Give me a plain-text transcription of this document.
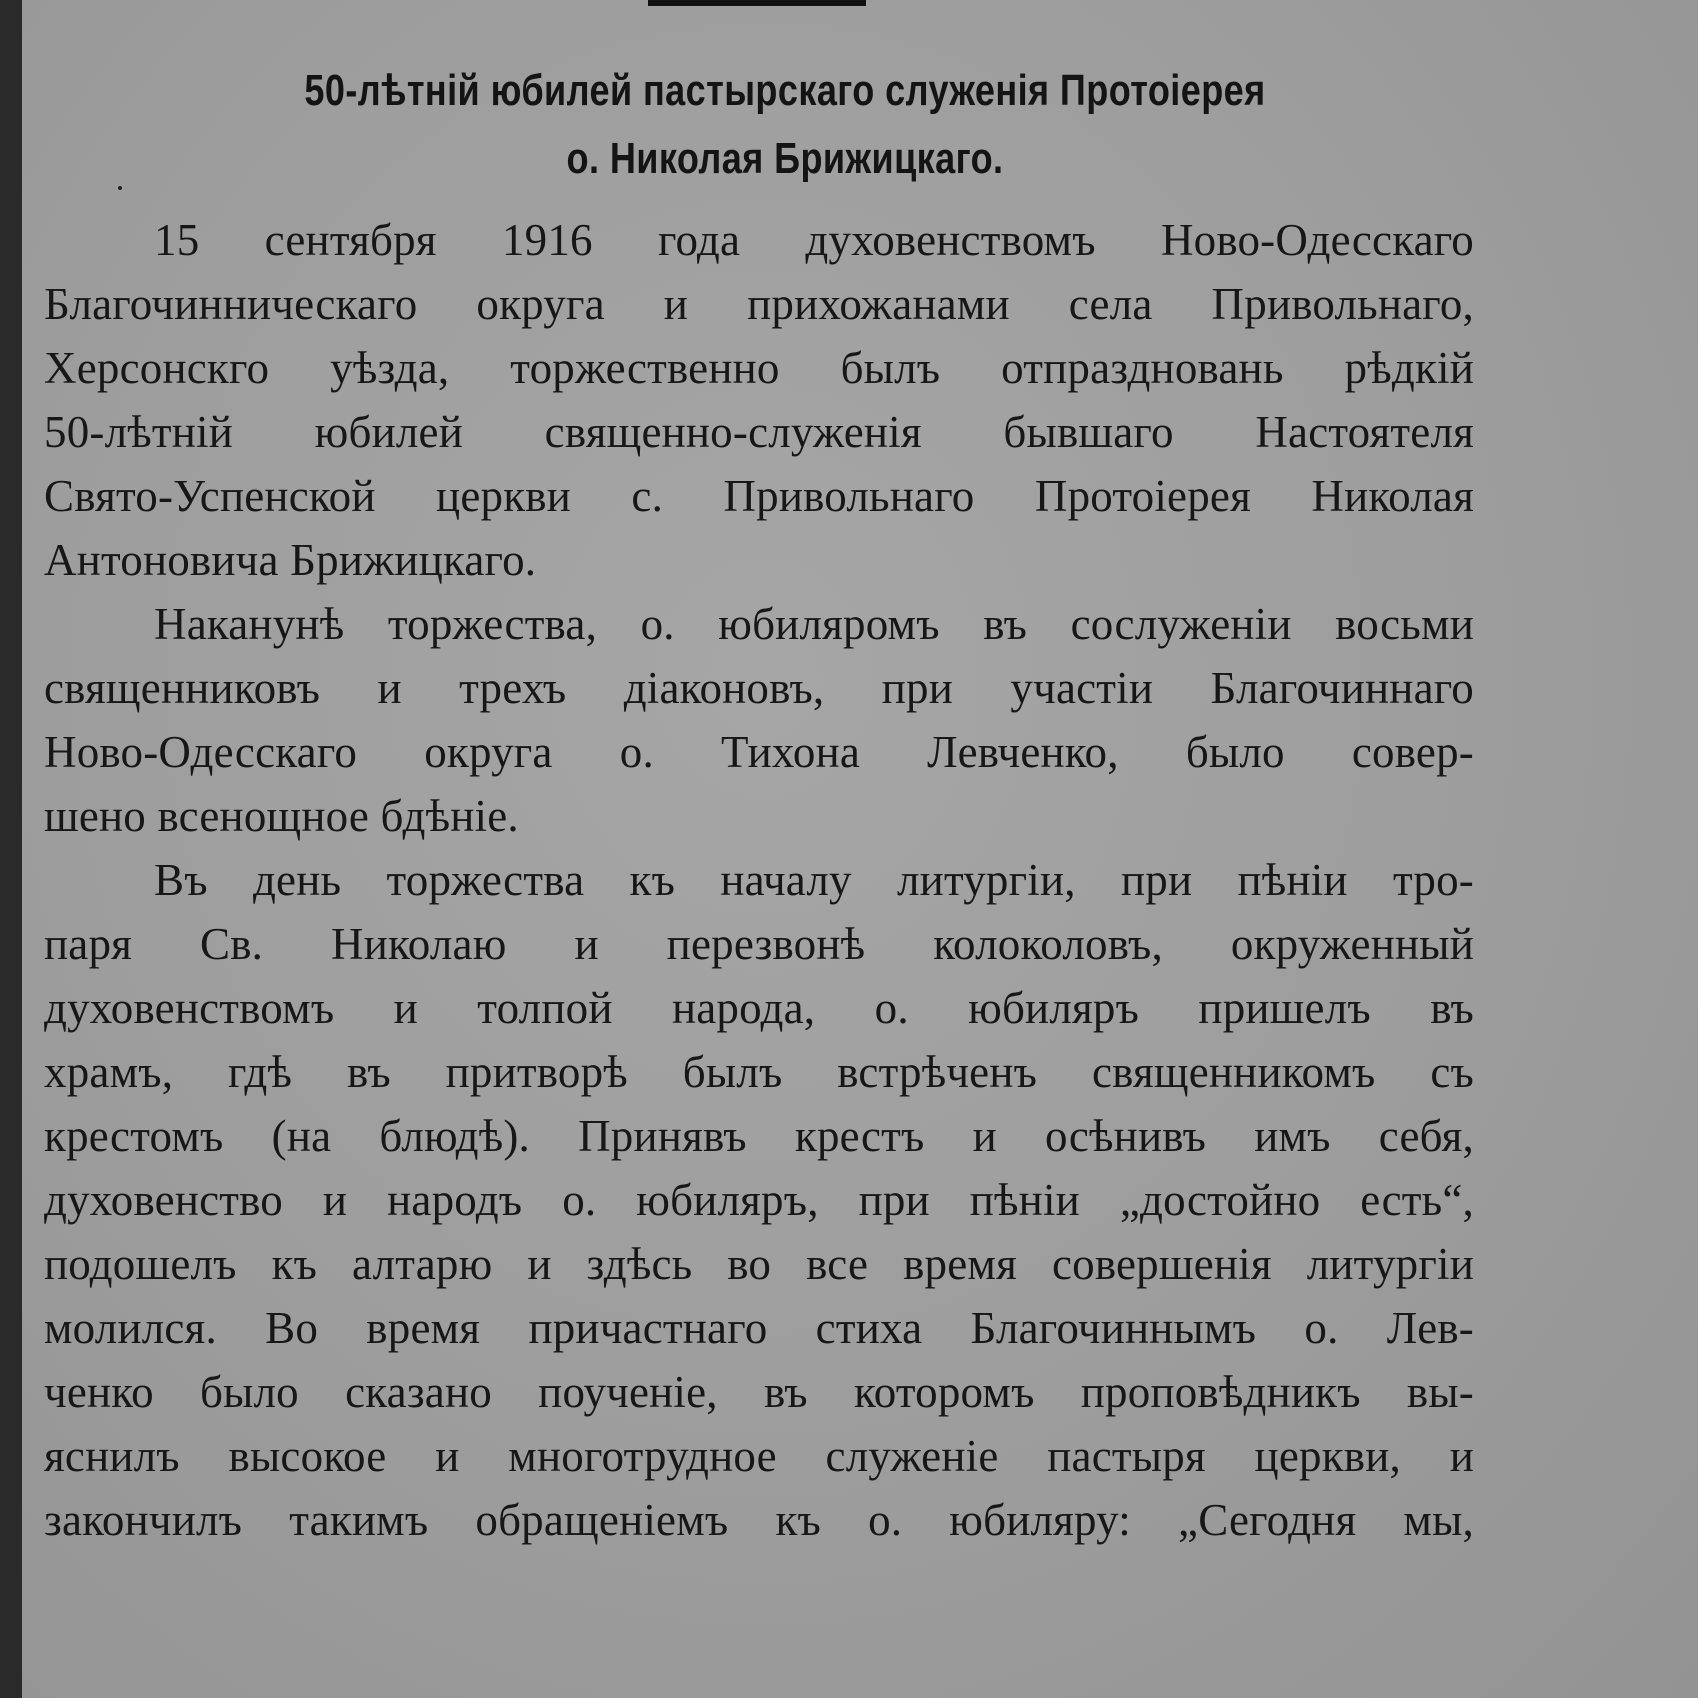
50-лѣтній юбилей пастырскаго служенія Протоіерея
о. Николая Брижицкаго.
15 сентября 1916 года духовенствомъ Ново-Одесскаго
Благочинническаго округа и прихожанами села Привольнаго,
Херсонскго уѣзда, торжественно былъ отпраздновань рѣдкій
50-лѣтній юбилей священно-служенія бывшаго Настоятеля
Свято-Успенской церкви с. Привольнаго Протоіерея Николая
Антоновича Брижицкаго.
Наканунѣ торжества, о. юбиляромъ въ сослуженіи восьми
священниковъ и трехъ діаконовъ, при участіи Благочиннаго
Ново-Одесскаго округа о. Тихона Левченко, было совер-
шено всенощное бдѣніе.
Въ день торжества къ началу литургіи, при пѣніи тро-
паря Св. Николаю и перезвонѣ колоколовъ, окруженный
духовенствомъ и толпой народа, о. юбиляръ пришелъ въ
храмъ, гдѣ въ притворѣ былъ встрѣченъ священникомъ съ
крестомъ (на блюдѣ). Принявъ крестъ и осѣнивъ имъ себя,
духовенство и народъ о. юбиляръ, при пѣніи „достойно есть“,
подошелъ къ алтарю и здѣсь во все время совершенія литургіи
молился. Во время причастнаго стиха Благочиннымъ о. Лев-
ченко было сказано поученіе, въ которомъ проповѣдникъ вы-
яснилъ высокое и многотрудное служеніе пастыря церкви, и
закончилъ такимъ обращеніемъ къ о. юбиляру: „Сегодня мы,
